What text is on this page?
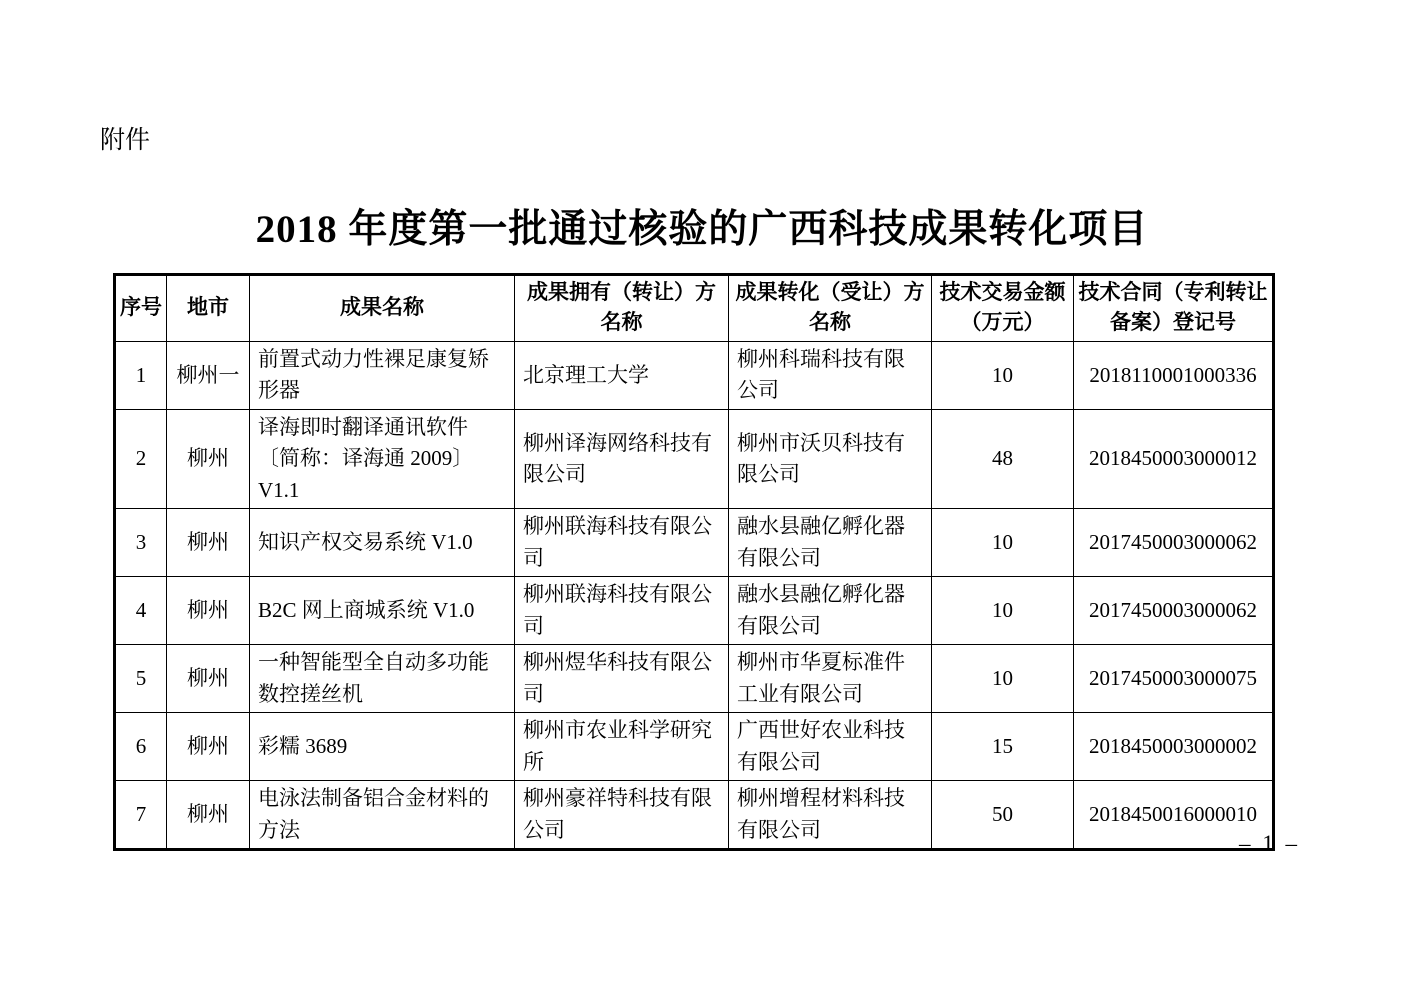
附件
2018 年度第一批通过核验的广西科技成果转化项目
序号	地市	成果名称	成果拥有（转让）方名称	成果转化（受让）方名称	技术交易金额（万元）	技术合同（专利转让备案）登记号
1	柳州一	前置式动力性裸足康复矫形器	北京理工大学	柳州科瑞科技有限公司	10	2018110001000336
2	柳州	译海即时翻译通讯软件〔简称：译海通 2009〕V1.1	柳州译海网络科技有限公司	柳州市沃贝科技有限公司	48	2018450003000012
3	柳州	知识产权交易系统 V1.0	柳州联海科技有限公司	融水县融亿孵化器有限公司	10	2017450003000062
4	柳州	B2C 网上商城系统 V1.0	柳州联海科技有限公司	融水县融亿孵化器有限公司	10	2017450003000062
5	柳州	一种智能型全自动多功能数控搓丝机	柳州煜华科技有限公司	柳州市华夏标准件工业有限公司	10	2017450003000075
6	柳州	彩糯 3689	柳州市农业科学研究所	广西世好农业科技有限公司	15	2018450003000002
7	柳州	电泳法制备铝合金材料的方法	柳州豪祥特科技有限公司	柳州增程材料科技有限公司	50	2018450016000010
– 1 –
